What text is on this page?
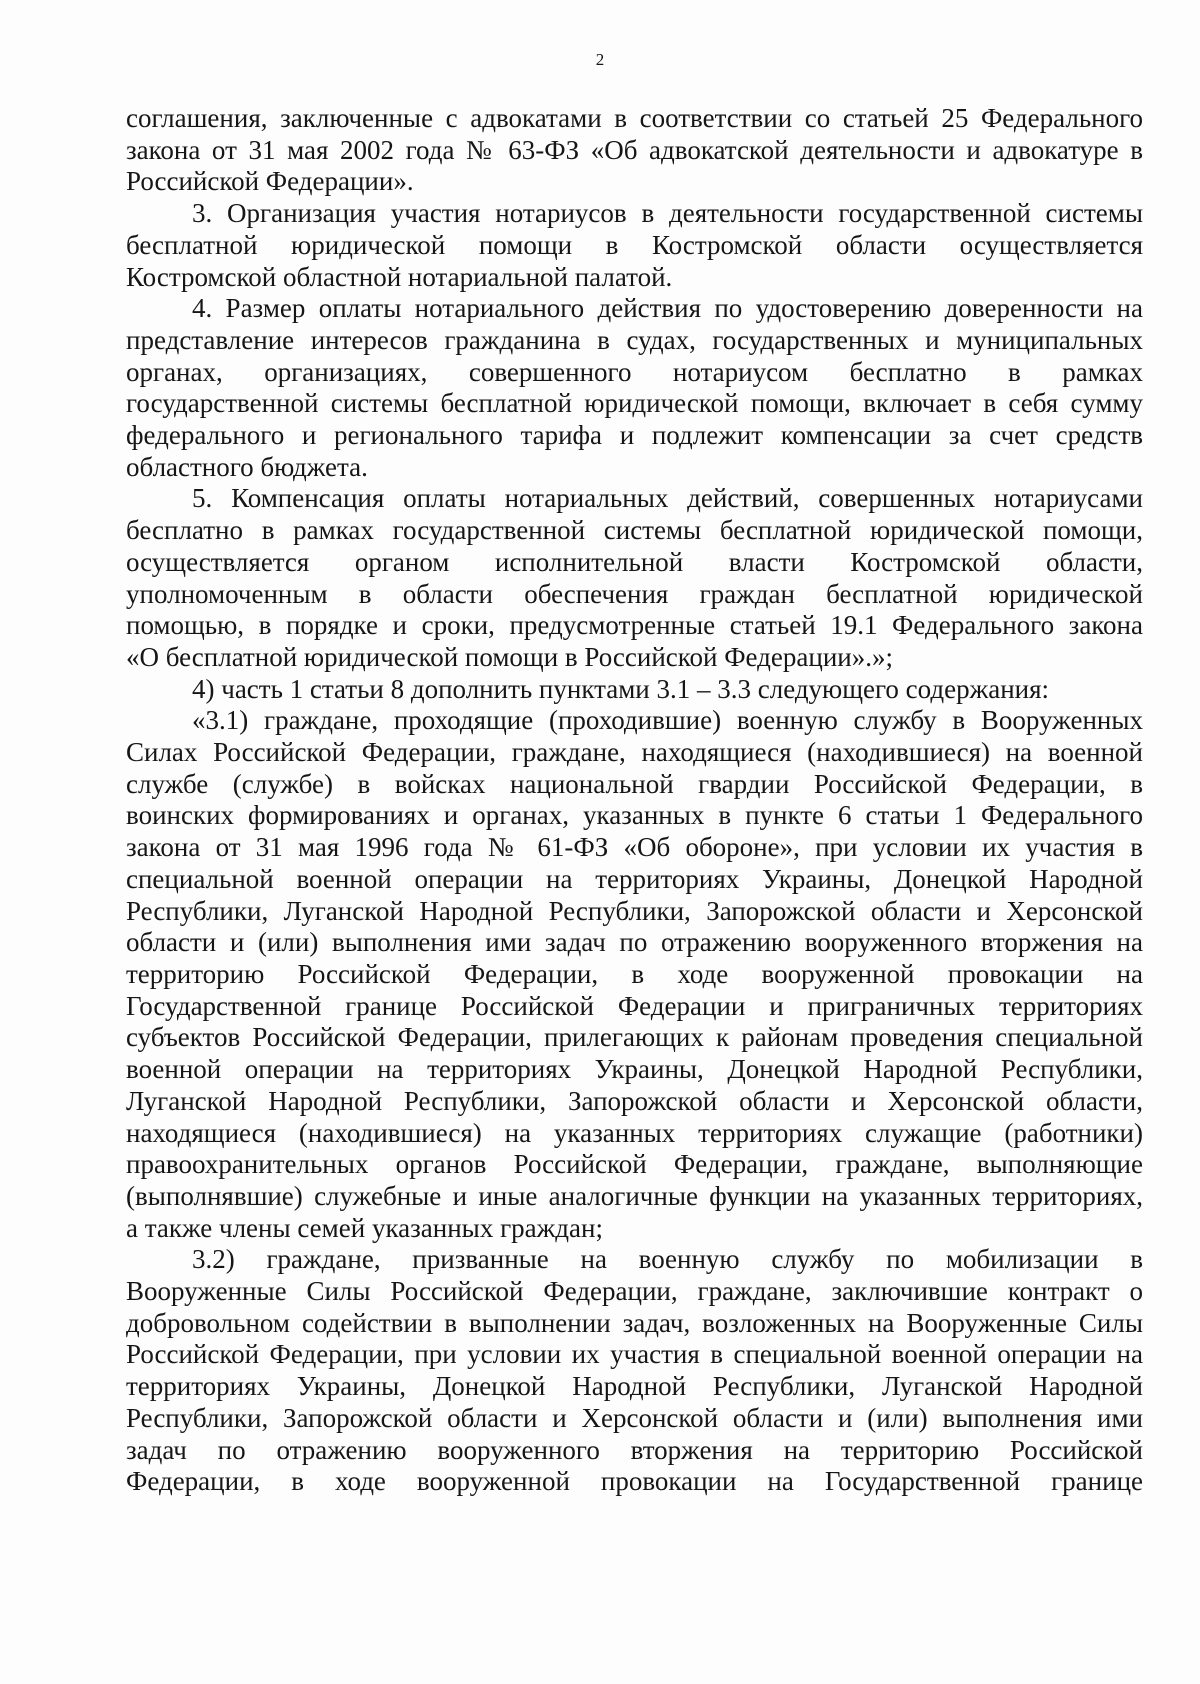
2

соглашения, заключенные с адвокатами в соответствии со статьей 25 Федерального

закона от 31 мая 2002 года № 63-ФЗ «Об адвокатской деятельности и адвокатуре в

Российской Федерации».

3. Организация участия нотариусов в деятельности государственной системы

бесплатной юридической помощи в Костромской области осуществляется

Костромской областной нотариальной палатой.

4. Размер оплаты нотариального действия по удостоверению доверенности на

представление интересов гражданина в судах, государственных и муниципальных

органах, организациях, совершенного нотариусом бесплатно в рамках

государственной системы бесплатной юридической помощи, включает в себя сумму

федерального и регионального тарифа и подлежит компенсации за счет средств

областного бюджета.

5. Компенсация оплаты нотариальных действий, совершенных нотариусами

бесплатно в рамках государственной системы бесплатной юридической помощи,

осуществляется органом исполнительной власти Костромской области,

уполномоченным в области обеспечения граждан бесплатной юридической

помощью, в порядке и сроки, предусмотренные статьей 19.1 Федерального закона

«О бесплатной юридической помощи в Российской Федерации».»;

4) часть 1 статьи 8 дополнить пунктами 3.1 – 3.3 следующего содержания:

«3.1) граждане, проходящие (проходившие) военную службу в Вооруженных

Силах Российской Федерации, граждане, находящиеся (находившиеся) на военной

службе (службе) в войсках национальной гвардии Российской Федерации, в

воинских формированиях и органах, указанных в пункте 6 статьи 1 Федерального

закона от 31 мая 1996 года № 61-ФЗ «Об обороне», при условии их участия в

специальной военной операции на территориях Украины, Донецкой Народной

Республики, Луганской Народной Республики, Запорожской области и Херсонской

области и (или) выполнения ими задач по отражению вооруженного вторжения на

территорию Российской Федерации, в ходе вооруженной провокации на

Государственной границе Российской Федерации и приграничных территориях

субъектов Российской Федерации, прилегающих к районам проведения специальной

военной операции на территориях Украины, Донецкой Народной Республики,

Луганской Народной Республики, Запорожской области и Херсонской области,

находящиеся (находившиеся) на указанных территориях служащие (работники)

правоохранительных органов Российской Федерации, граждане, выполняющие

(выполнявшие) служебные и иные аналогичные функции на указанных территориях,

а также члены семей указанных граждан;

3.2) граждане, призванные на военную службу по мобилизации в

Вооруженные Силы Российской Федерации, граждане, заключившие контракт о

добровольном содействии в выполнении задач, возложенных на Вооруженные Силы

Российской Федерации, при условии их участия в специальной военной операции на

территориях Украины, Донецкой Народной Республики, Луганской Народной

Республики, Запорожской области и Херсонской области и (или) выполнения ими

задач по отражению вооруженного вторжения на территорию Российской

Федерации, в ходе вооруженной провокации на Государственной границе
